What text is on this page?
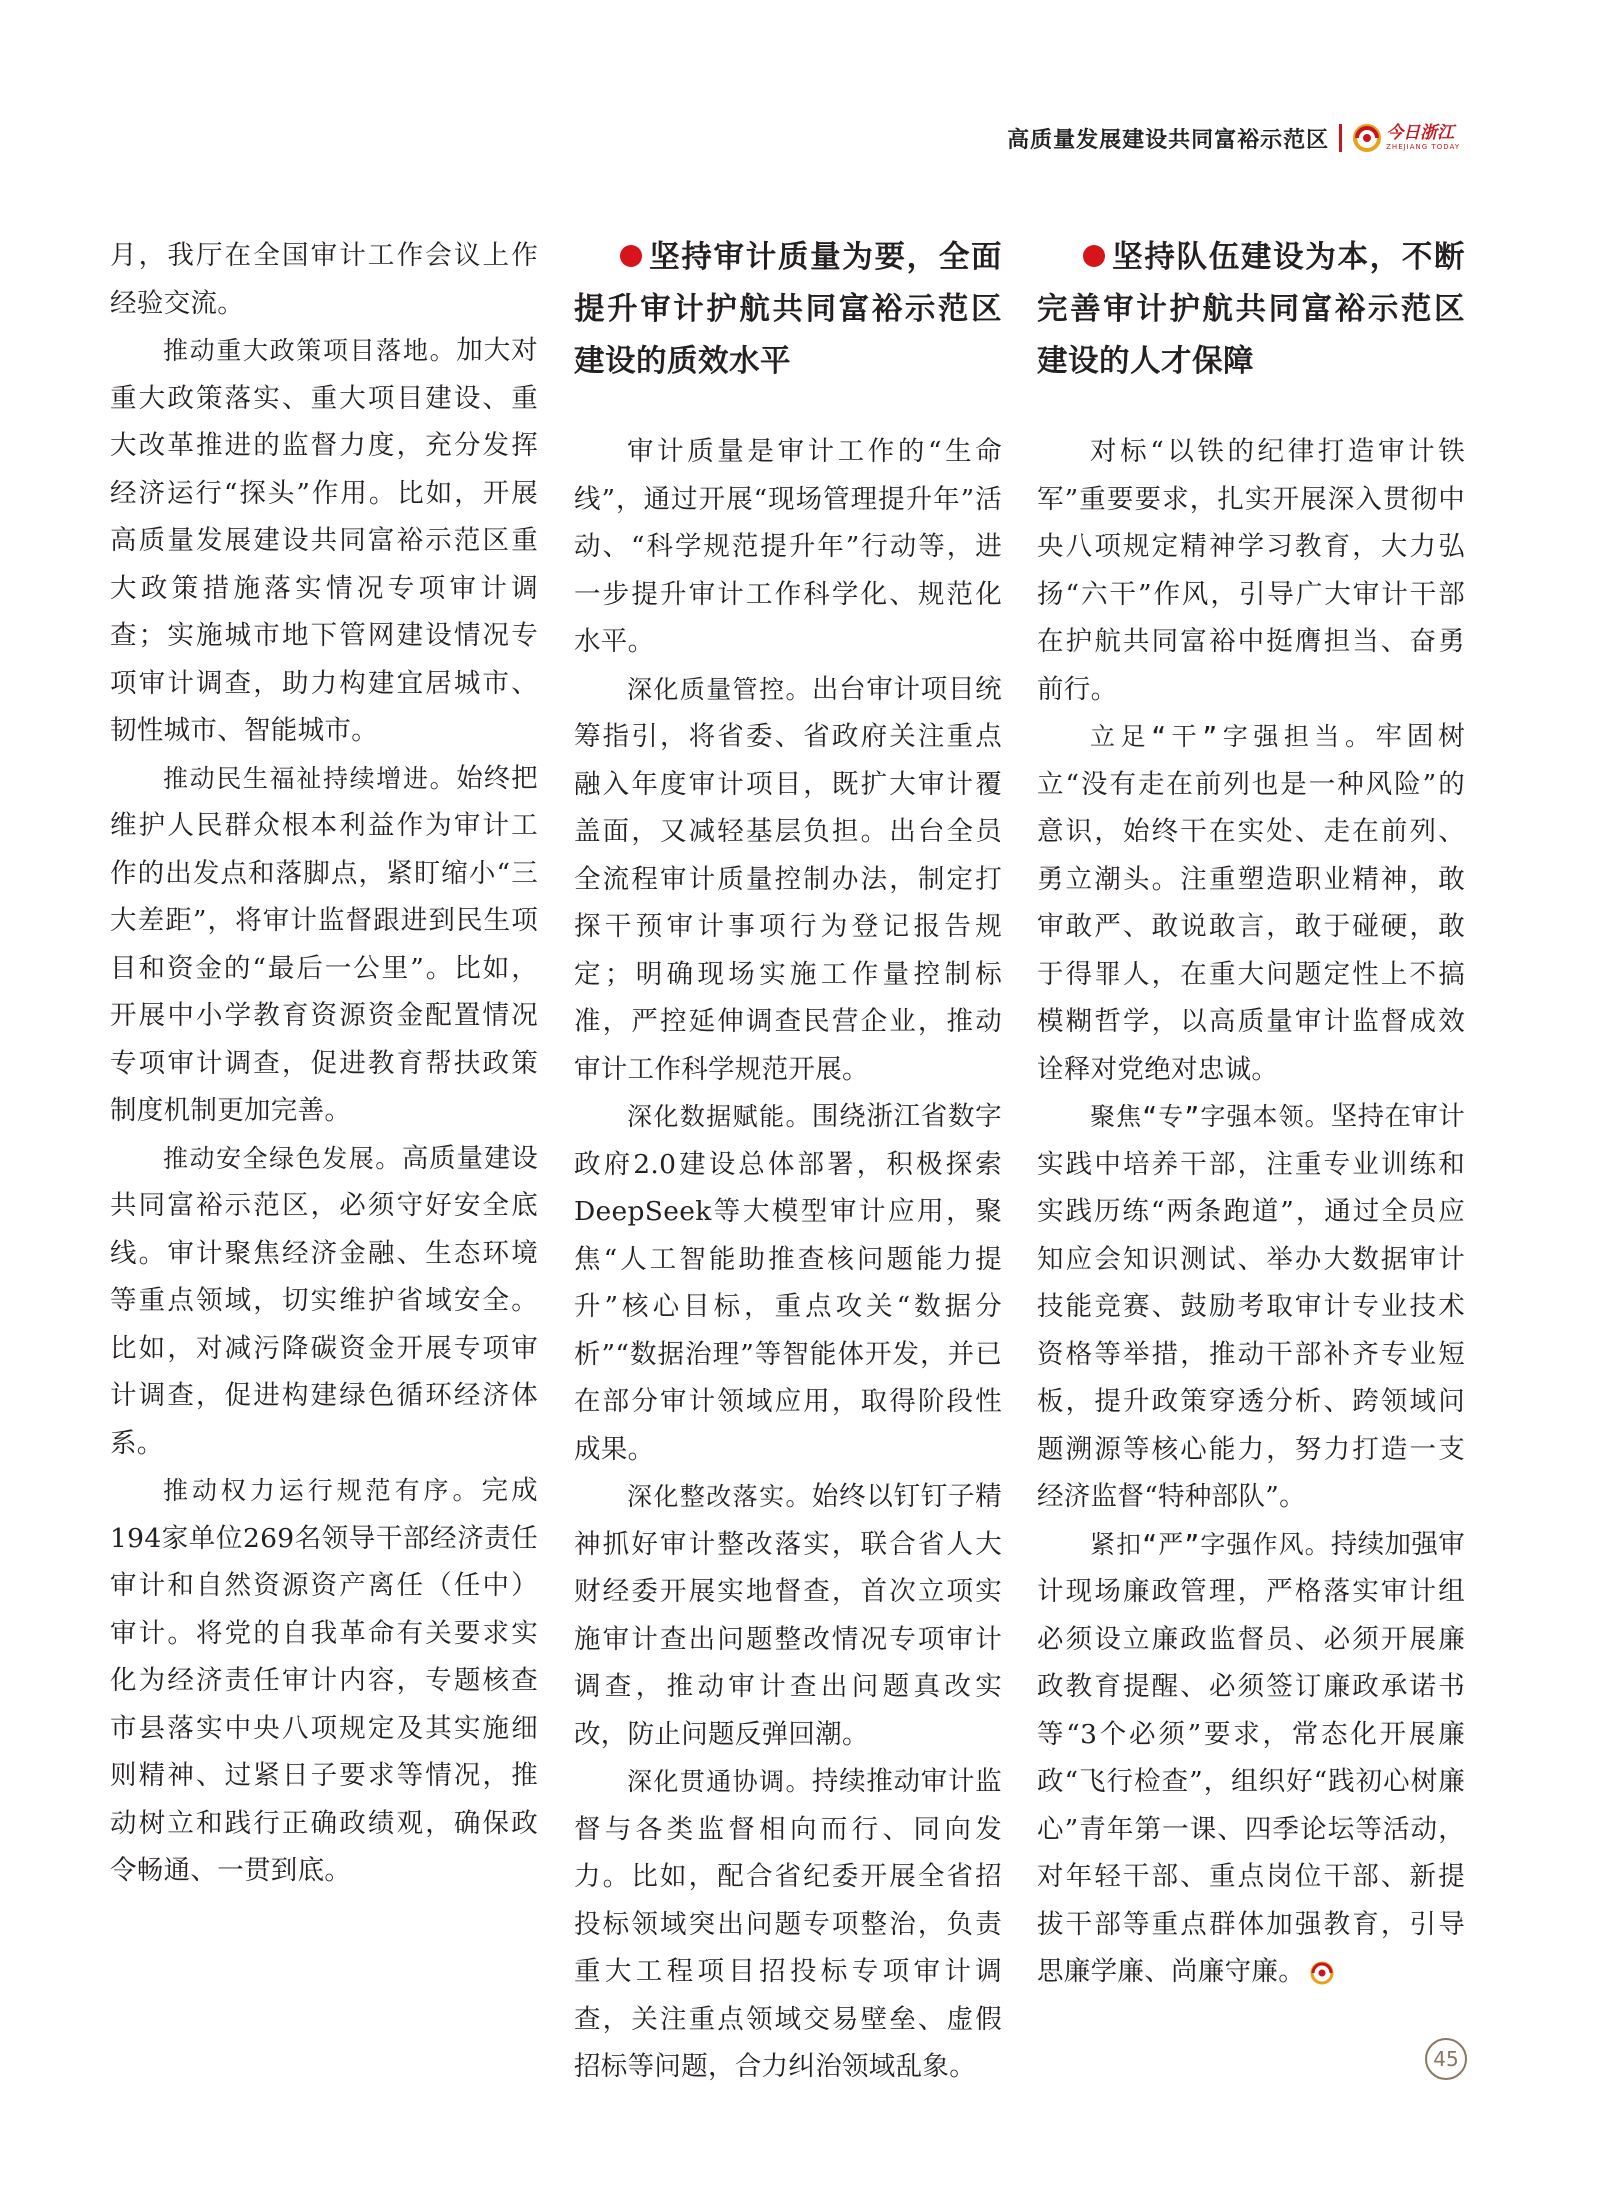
高质量发展建设共同富裕示范区	今日浙江
ZHEJIANG TODAY

月，我厅在全国审计工作会议上作经验交流。

推动重大政策项目落地。加大对重大政策落实、重大项目建设、重大改革推进的监督力度，充分发挥经济运行“探头”作用。比如，开展高质量发展建设共同富裕示范区重大政策措施落实情况专项审计调查；实施城市地下管网建设情况专项审计调查，助力构建宜居城市、韧性城市、智能城市。

推动民生福祉持续增进。始终把维护人民群众根本利益作为审计工作的出发点和落脚点，紧盯缩小“三大差距”，将审计监督跟进到民生项目和资金的“最后一公里”。比如，开展中小学教育资源资金配置情况专项审计调查，促进教育帮扶政策制度机制更加完善。

推动安全绿色发展。高质量建设共同富裕示范区，必须守好安全底线。审计聚焦经济金融、生态环境等重点领域，切实维护省域安全。比如，对减污降碳资金开展专项审计调查，促进构建绿色循环经济体系。

推动权力运行规范有序。完成194家单位269名领导干部经济责任审计和自然资源资产离任（任中）审计。将党的自我革命有关要求实化为经济责任审计内容，专题核查市县落实中央八项规定及其实施细则精神、过紧日子要求等情况，推动树立和践行正确政绩观，确保政令畅通、一贯到底。

坚持审计质量为要，全面提升审计护航共同富裕示范区建设的质效水平

审计质量是审计工作的“生命线”，通过开展“现场管理提升年”活动、“科学规范提升年”行动等，进一步提升审计工作科学化、规范化水平。

深化质量管控。出台审计项目统筹指引，将省委、省政府关注重点融入年度审计项目，既扩大审计覆盖面，又减轻基层负担。出台全员全流程审计质量控制办法，制定打探干预审计事项行为登记报告规定；明确现场实施工作量控制标准，严控延伸调查民营企业，推动审计工作科学规范开展。

深化数据赋能。围绕浙江省数字政府2.0建设总体部署，积极探索DeepSeek等大模型审计应用，聚焦“人工智能助推查核问题能力提升”核心目标，重点攻关“数据分析”“数据治理”等智能体开发，并已在部分审计领域应用，取得阶段性成果。

深化整改落实。始终以钉钉子精神抓好审计整改落实，联合省人大财经委开展实地督查，首次立项实施审计查出问题整改情况专项审计调查，推动审计查出问题真改实改，防止问题反弹回潮。

深化贯通协调。持续推动审计监督与各类监督相向而行、同向发力。比如，配合省纪委开展全省招投标领域突出问题专项整治，负责重大工程项目招投标专项审计调查，关注重点领域交易壁垒、虚假招标等问题，合力纠治领域乱象。

坚持队伍建设为本，不断完善审计护航共同富裕示范区建设的人才保障

对标“以铁的纪律打造审计铁军”重要要求，扎实开展深入贯彻中央八项规定精神学习教育，大力弘扬“六干”作风，引导广大审计干部在护航共同富裕中挺膺担当、奋勇前行。

立足“干”字强担当。牢固树立“没有走在前列也是一种风险”的意识，始终干在实处、走在前列、勇立潮头。注重塑造职业精神，敢审敢严、敢说敢言，敢于碰硬，敢于得罪人，在重大问题定性上不搞模糊哲学，以高质量审计监督成效诠释对党绝对忠诚。

聚焦“专”字强本领。坚持在审计实践中培养干部，注重专业训练和实践历练“两条跑道”，通过全员应知应会知识测试、举办大数据审计技能竞赛、鼓励考取审计专业技术资格等举措，推动干部补齐专业短板，提升政策穿透分析、跨领域问题溯源等核心能力，努力打造一支经济监督“特种部队”。

紧扣“严”字强作风。持续加强审计现场廉政管理，严格落实审计组必须设立廉政监督员、必须开展廉政教育提醒、必须签订廉政承诺书等“3个必须”要求，常态化开展廉政“飞行检查”，组织好“践初心树廉心”青年第一课、四季论坛等活动，对年轻干部、重点岗位干部、新提拔干部等重点群体加强教育，引导思廉学廉、尚廉守廉。

45
